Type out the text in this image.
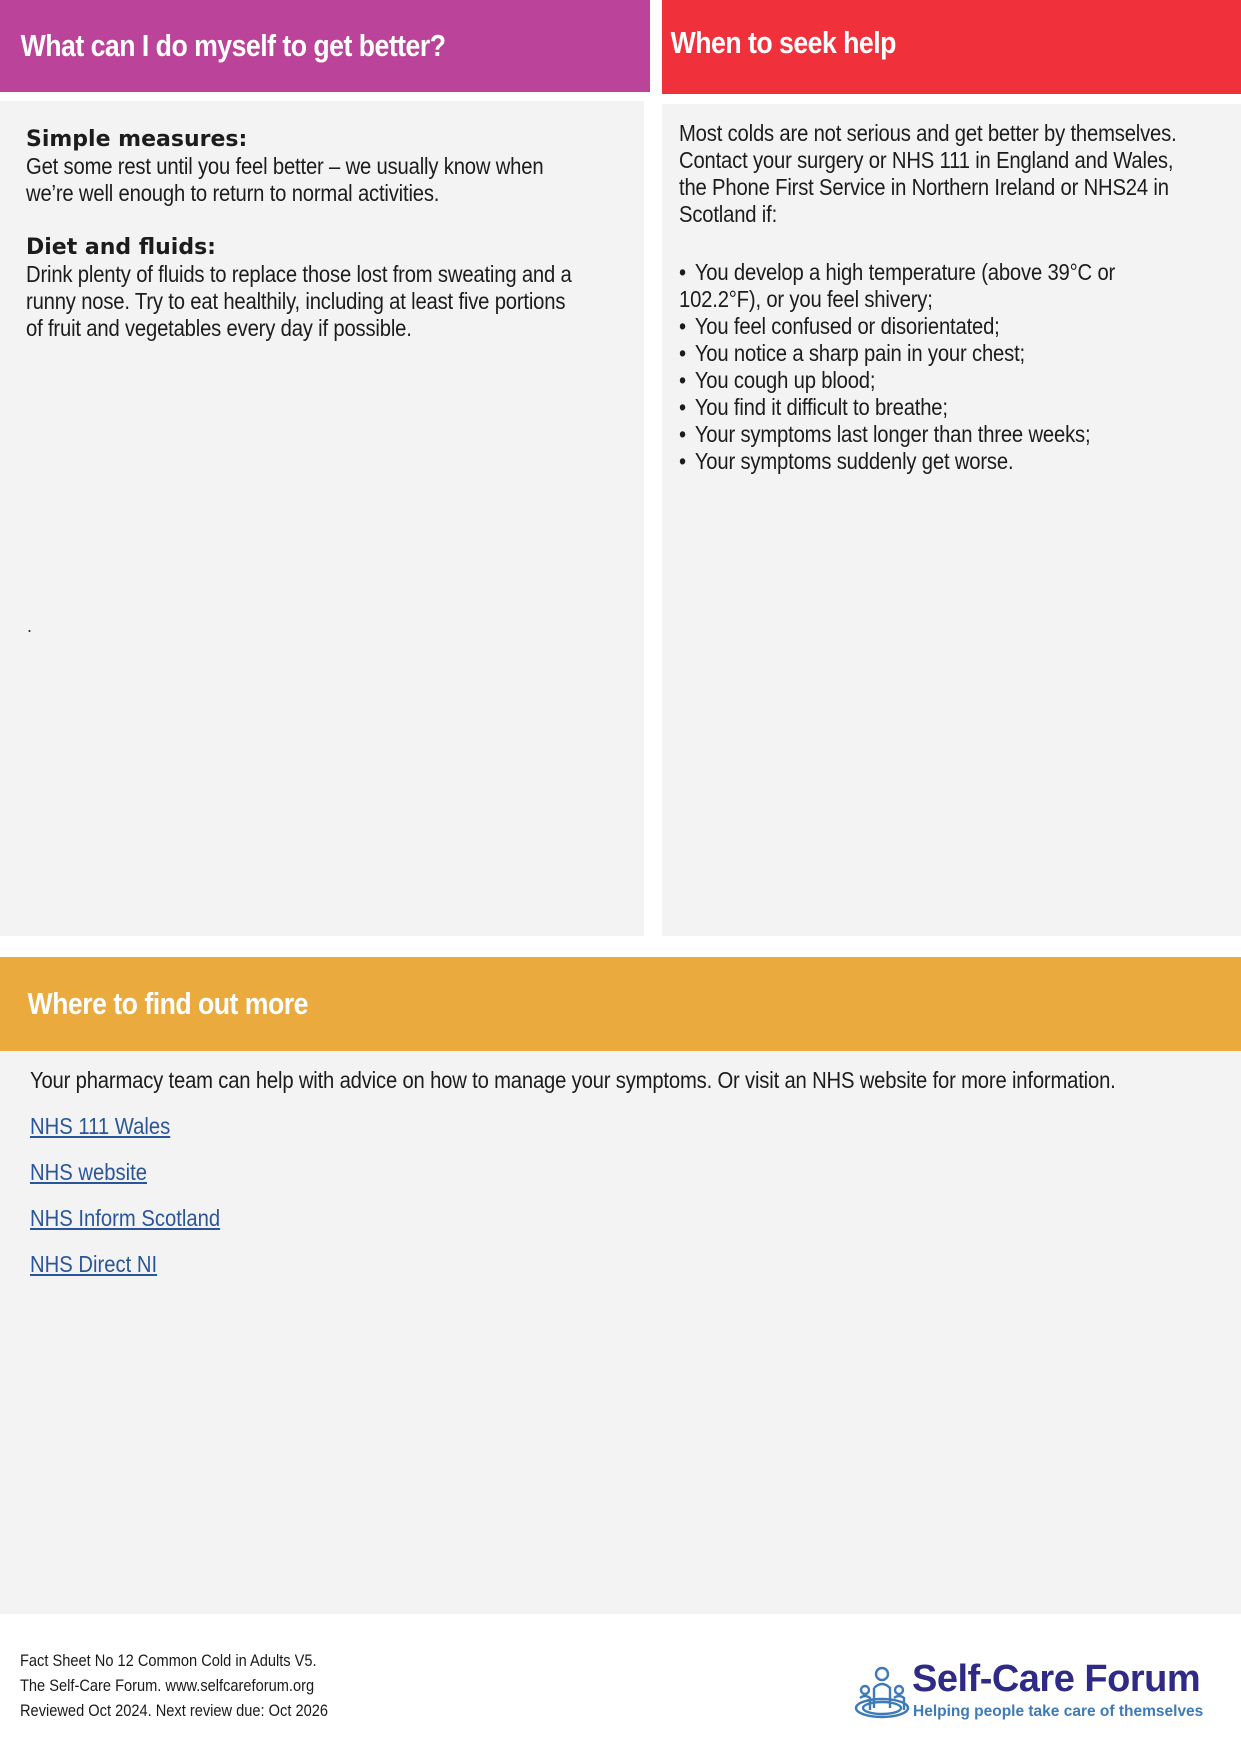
What can I do myself to get better?	When to seek help
Simple measures:
Get some rest until you feel better – we usually know when
we’re well enough to return to normal activities.
Diet and fluids:
Drink plenty of fluids to replace those lost from sweating and a
runny nose. Try to eat healthily, including at least five portions
of fruit and vegetables every day if possible.
.
Most colds are not serious and get better by themselves.
Contact your surgery or NHS 111 in England and Wales,
the Phone First Service in Northern Ireland or NHS24 in
Scotland if:
• You develop a high temperature (above 39°C or
102.2°F), or you feel shivery;
• You feel confused or disorientated;
• You notice a sharp pain in your chest;
• You cough up blood;
• You find it difficult to breathe;
• Your symptoms last longer than three weeks;
• Your symptoms suddenly get worse.
Where to find out more
Your pharmacy team can help with advice on how to manage your symptoms. Or visit an NHS website for more information.
NHS 111 Wales
NHS website
NHS Inform Scotland
NHS Direct NI
Fact Sheet No 12 Common Cold in Adults V5.
The Self-Care Forum. www.selfcareforum.org
Reviewed Oct 2024. Next review due: Oct 2026
Self-Care Forum
Helping people take care of themselves
